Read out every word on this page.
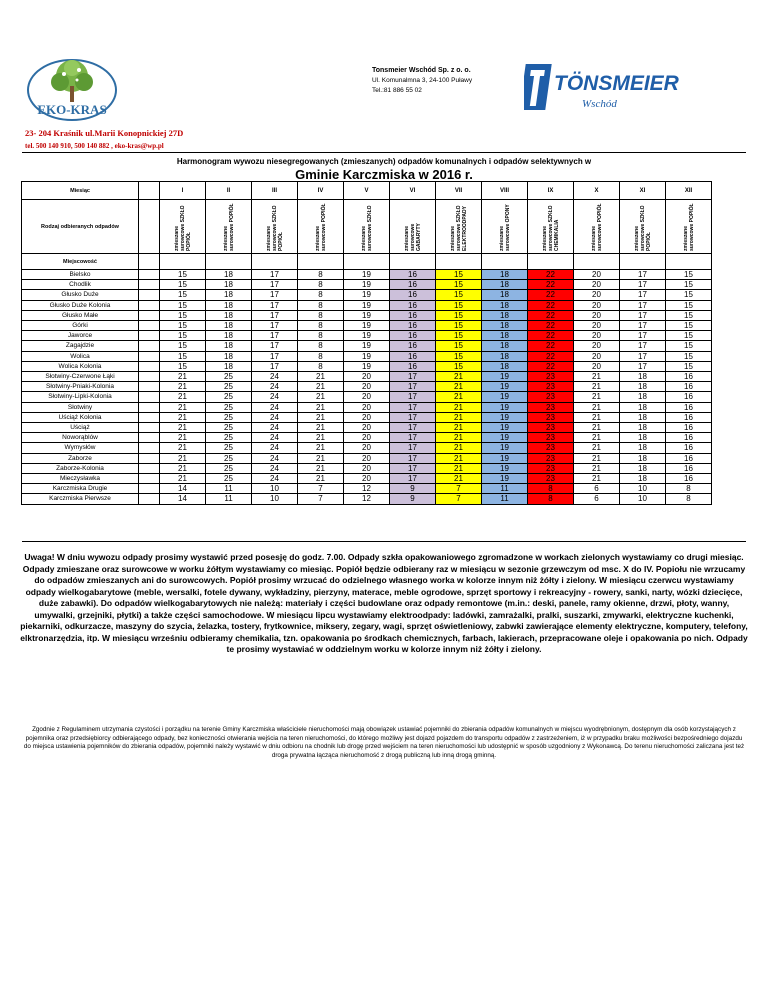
EKO-KRAS
Tonsmeier Wschód Sp. z o. o.
Ul. Komunalmna 3, 24-100 Puławy
Tel.:81 886 55 02	TÖNSMEIER
Wschód
23- 204 Kraśnik ul.Marii Konopnickiej 27D
tel. 500 140 910, 500 140 882 , eko-kras@wp.pl
Harmonogram wywozu niesegregowanych (zmieszanych) odpadów komunalnych i odpadów selektywnych w
Gminie Karczmiska w 2016 r.
Miesiąc		I	II	III	IV	V	VI	VII	VIII	IX	X	XI	XII
Rodzaj odbieranych odpadów		zmieszane surowcowe SZKŁO POPIÓŁ	zmieszane surowcowe POPIÓŁ	zmieszane surowcowe SZKŁO POPIÓŁ	zmieszane surowcowe POPIÓŁ	zmieszane surowcowe SZKŁO	zmieszane surowcowe GABARYTY	zmieszane surowcowe SZKŁO ELEKTROODPADY	zmieszane surowcowe OPONY	zmieszane surowcowe SZKŁO CHEMIKALIA	zmieszane surowcowe POPIÓŁ	zmieszane surowcowe SZKŁO POPIÓŁ	zmieszane surowcowe POPIÓŁ
Miejscowość													
Bielsko		15	18	17	8	19	16	15	18	22	20	17	15
Chodlik		15	18	17	8	19	16	15	18	22	20	17	15
Głusko Duże		15	18	17	8	19	16	15	18	22	20	17	15
Głusko Duże Kolonia		15	18	17	8	19	16	15	18	22	20	17	15
Głusko Małe		15	18	17	8	19	16	15	18	22	20	17	15
Górki		15	18	17	8	19	16	15	18	22	20	17	15
Jaworce		15	18	17	8	19	16	15	18	22	20	17	15
Zagajdzie		15	18	17	8	19	16	15	18	22	20	17	15
Wolica		15	18	17	8	19	16	15	18	22	20	17	15
Wolica Kolonia		15	18	17	8	19	16	15	18	22	20	17	15
Słotwiny-Czerwone Łąki		21	25	24	21	20	17	21	19	23	21	18	16
Słotwiny-Pniaki-Kolonia		21	25	24	21	20	17	21	19	23	21	18	16
Słotwiny-Lipki-Kolonia		21	25	24	21	20	17	21	19	23	21	18	16
Słotwiny		21	25	24	21	20	17	21	19	23	21	18	16
Uściąż Kolonia		21	25	24	21	20	17	21	19	23	21	18	16
Uściąż		21	25	24	21	20	17	21	19	23	21	18	16
Noworąblów		21	25	24	21	20	17	21	19	23	21	18	16
Wymysłów		21	25	24	21	20	17	21	19	23	21	18	16
Zaborze		21	25	24	21	20	17	21	19	23	21	18	16
Zaborze-Kolonia		21	25	24	21	20	17	21	19	23	21	18	16
Mieczysławka		21	25	24	21	20	17	21	19	23	21	18	16
Karczmiska Drugie		14	11	10	7	12	9	7	11	8	6	10	8
Karczmiska Pierwsze		14	11	10	7	12	9	7	11	8	6	10	8
Uwaga! W dniu wywozu odpady prosimy wystawić przed posesję do godz. 7.00. Odpady szkła opakowaniowego zgromadzone w workach zielonych wystawiamy co drugi miesiąc. Odpady zmieszane oraz surowcowe w worku żółtym wystawiamy co miesiąc. Popiół będzie odbierany raz w miesiącu w sezonie grzewczym od msc. X do IV. Popiołu nie wrzucamy do odpadów zmieszanych ani do surowcowych. Popiół prosimy wrzucać do odzielnego własnego worka w kolorze innym niż żółty i zielony. W miesiącu czerwcu wystawiamy odpady wielkogabarytowe (meble, wersalki, fotele dywany, wykładziny, pierzyny, materace, meble ogrodowe, sprzęt sportowy i rekreacyjny - rowery, sanki, narty, wózki dziecięce, duże zabawki). Do odpadów wielkogabarytowych nie należą: materiały i części budowlane oraz odpady remontowe (m.in.: deski, panele, ramy okienne, drzwi, płoty, wanny, umywalki, grzejniki, płytki) a także części samochodowe. W miesiącu lipcu wystawiamy elektroodpady: ladówki, zamrażalki, pralki, suszarki, zmywarki, elektryczne kuchenki, piekarniki, odkurzacze, maszyny do szycia, żelazka, tostery, frytkownice, miksery, zegary, wagi, sprzęt oświetleniowy, zabwki zawierające elementy elektryczne, komputery, telefony, elktronarzędzia, itp. W miesiącu wrześniu odbieramy chemikalia, tzn. opakowania po środkach chemicznych, farbach, lakierach, przepracowane oleje i opakowania po nich. Odpady te prosimy wystawiać w oddzielnym worku w kolorze innym niż żółty i zielony.
Zgodnie z Regulaminem utrzymania czystości i porządku na terenie Gminy Karczmiska właściciele nieruchomości mają obowiązek ustawiać pojemniki do zbierania odpadów komunalnych w miejscu wyodrębnionym, dostępnym dla osób korzystających z pojemnika oraz przedsiębiorcy odbierającego odpady, bez konieczności otwierania wejścia na teren nieruchomości, do którego możliwy jest dojazd pojazdem do transportu odpadów z zastrzeżeniem, iż w przypadku braku możliwości bezpośredniego dojazdu do miejsca ustawienia pojemników do zbierania odpadów, pojemniki należy wystawić w dniu odbioru na chodnik lub drogę przed wejściem na teren nieruchomości lub udostępnić w sposób uzgodniony z Wykonawcą. Do terenu nieruchomości zaliczana jest też droga prywatna łącząca nieruchomość z drogą publiczną lub inną drogą gminną.
